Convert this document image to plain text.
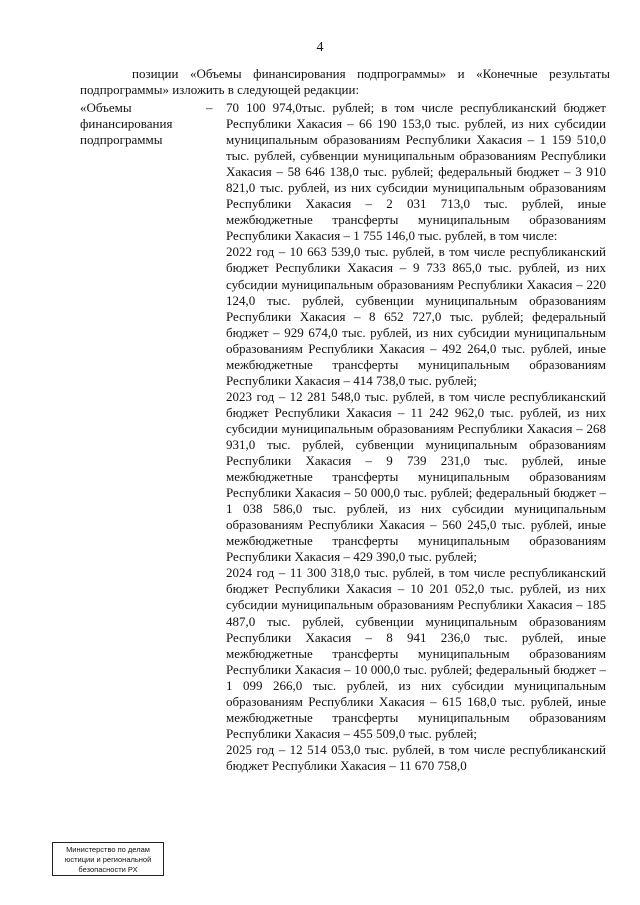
4
позиции «Объемы финансирования подпрограммы» и «Конечные результаты подпрограммы» изложить в следующей редакции:
«Объемы финансирования подпрограммы
– 70 100 974,0тыс. рублей; в том числе республиканский бюджет Республики Хакасия – 66 190 153,0 тыс. рублей, из них субсидии муниципальным образованиям Республики Хакасия – 1 159 510,0 тыс. рублей, субвенции муниципальным образованиям Республики Хакасия – 58 646 138,0 тыс. рублей; федеральный бюджет – 3 910 821,0 тыс. рублей, из них субсидии муниципальным образованиям Республики Хакасия – 2 031 713,0 тыс. рублей, иные межбюджетные трансферты муниципальным образованиям Республики Хакасия – 1 755 146,0 тыс. рублей, в том числе:

2022 год – 10 663 539,0 тыс. рублей, в том числе республиканский бюджет Республики Хакасия – 9 733 865,0 тыс. рублей, из них субсидии муниципальным образованиям Республики Хакасия – 220 124,0 тыс. рублей, субвенции муниципальным образованиям Республики Хакасия – 8 652 727,0 тыс. рублей; федеральный бюджет – 929 674,0 тыс. рублей, из них субсидии муниципальным образованиям Республики Хакасия – 492 264,0 тыс. рублей, иные межбюджетные трансферты муниципальным образованиям Республики Хакасия – 414 738,0 тыс. рублей;

2023 год – 12 281 548,0 тыс. рублей, в том числе республиканский бюджет Республики Хакасия – 11 242 962,0 тыс. рублей, из них субсидии муниципальным образованиям Республики Хакасия – 268 931,0 тыс. рублей, субвенции муниципальным образованиям Республики Хакасия – 9 739 231,0 тыс. рублей, иные межбюджетные трансферты муниципальным образованиям Республики Хакасия – 50 000,0 тыс. рублей; федеральный бюджет – 1 038 586,0 тыс. рублей, из них субсидии муниципальным образованиям Республики Хакасия – 560 245,0 тыс. рублей, иные межбюджетные трансферты муниципальным образованиям Республики Хакасия – 429 390,0 тыс. рублей;

2024 год – 11 300 318,0 тыс. рублей, в том числе республиканский бюджет Республики Хакасия – 10 201 052,0 тыс. рублей, из них субсидии муниципальным образованиям Республики Хакасия – 185 487,0 тыс. рублей, субвенции муниципальным образованиям Республики Хакасия – 8 941 236,0 тыс. рублей, иные межбюджетные трансферты муниципальным образованиям Республики Хакасия – 10 000,0 тыс. рублей; федеральный бюджет – 1 099 266,0 тыс. рублей, из них субсидии муниципальным образованиям Республики Хакасия – 615 168,0 тыс. рублей, иные межбюджетные трансферты муниципальным образованиям Республики Хакасия – 455 509,0 тыс. рублей;

2025 год – 12 514 053,0 тыс. рублей, в том числе республиканский бюджет Республики Хакасия – 11 670 758,0

Министерство по делам
юстиции и региональной
безопасности РХ
